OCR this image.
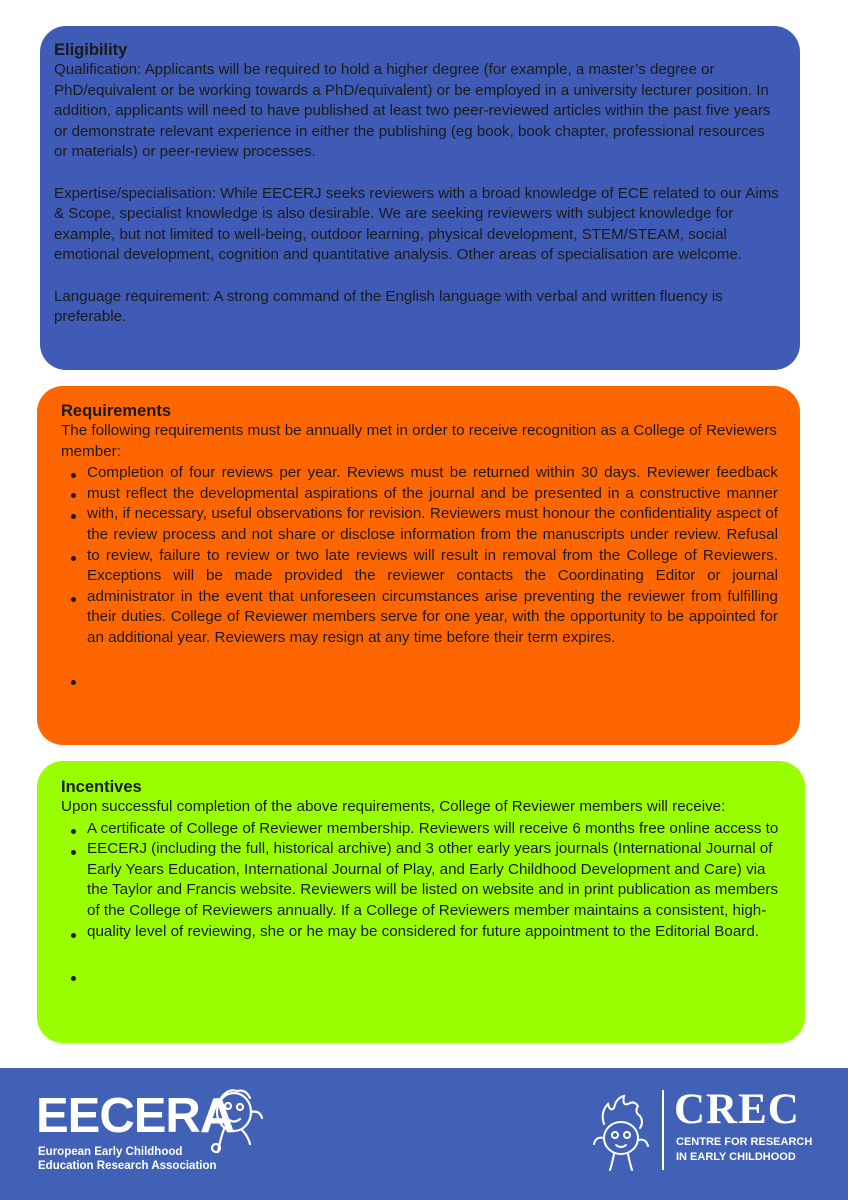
Eligibility

Qualification: Applicants will be required to hold a higher degree (for example, a master’s degree or PhD/equivalent or be working towards a PhD/equivalent) or be employed in a university lecturer position. In addition, applicants will need to have published at least two peer-reviewed articles within the past five years or demonstrate relevant experience in either the publishing (eg book, book chapter, professional resources or materials) or peer-review processes.

Expertise/specialisation: While EECERJ seeks reviewers with a broad knowledge of ECE related to our Aims & Scope, specialist knowledge is also desirable. We are seeking reviewers with subject knowledge for example, but not limited to well-being, outdoor learning, physical development, STEM/STEAM, social emotional development, cognition and quantitative analysis. Other areas of specialisation are welcome.

Language requirement: A strong command of the English language with verbal and written fluency is preferable.

Requirements

The following requirements must be annually met in order to receive recognition as a College of Reviewers member:

Completion of four reviews per year. Reviews must be returned within 30 days. Reviewer feedback must reflect the developmental aspirations of the journal and be presented in a constructive manner with, if necessary, useful observations for revision. Reviewers must honour the confidentiality aspect of the review process and not share or disclose information from the manuscripts under review. Refusal to review, failure to review or two late reviews will result in removal from the College of Reviewers. Exceptions will be made provided the reviewer contacts the Coordinating Editor or journal administrator in the event that unforeseen circumstances arise preventing the reviewer from fulfilling their duties. College of Reviewer members serve for one year, with the opportunity to be appointed for an additional year. Reviewers may resign at any time before their term expires.
Incentives

Upon successful completion of the above requirements, College of Reviewer members will receive:

A certificate of College of Reviewer membership. Reviewers will receive 6 months free online access to EECERJ (including the full, historical archive) and 3 other early years journals (International Journal of Early Years Education, International Journal of Play, and Early Childhood Development and Care) via the Taylor and Francis website. Reviewers will be listed on website and in print publication as members of the College of Reviewers annually. If a College of Reviewers member maintains a consistent, high-quality level of reviewing, she or he may be considered for future appointment to the Editorial Board.
EECERA
European Early Childhood
Education Research Association
CREC
CENTRE FOR RESEARCH
IN EARLY CHILDHOOD
